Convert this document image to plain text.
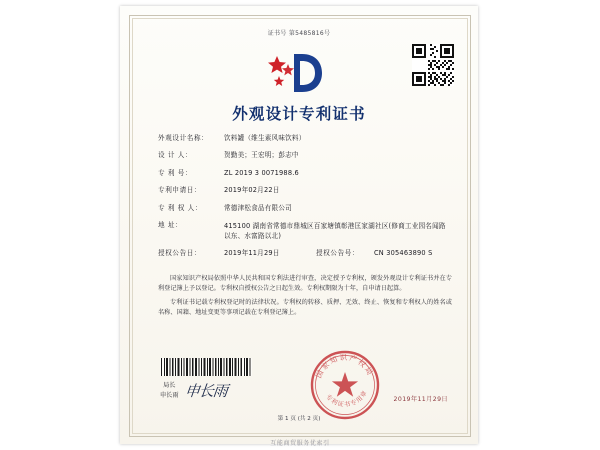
证书号 第5485816号
外观设计专利证书
外观设计名称：	饮料罐（维生素风味饮料）
设 计 人：	贺勤美；王宏明；彭志中
专 利 号：	ZL 2019 3 0071988.6
专利申请日：	2019年02月22日
专 利 权 人：	常德津松食品有限公司
地 址：	415100 湖南省常德市鼎城区百家塘镇彰港匡家湖社区(修商工业园名闻路以东、水富路以北)
授权公告日：	2019年11月29日	授权公告号：	CN 305463890 S

国家知识产权局依照中华人民共和国专利法进行审查，决定授予专利权，颁发外观设计专利证书并在专利登记簿上予以登记。专利权自授权公告之日起生效。专利权期限为十年，自申请日起算。

专利证书记载专利权登记时的法律状况。专利权的转移、质押、无效、终止、恢复和专利权人的姓名或名称、国籍、地址变更等事项记载在专利登记簿上。

局长
申长雨 申长雨
国家知识产权局
专利证书专用章
2019年11月29日
第 1 页 (共 2 页)
互能商贸服务优索引
